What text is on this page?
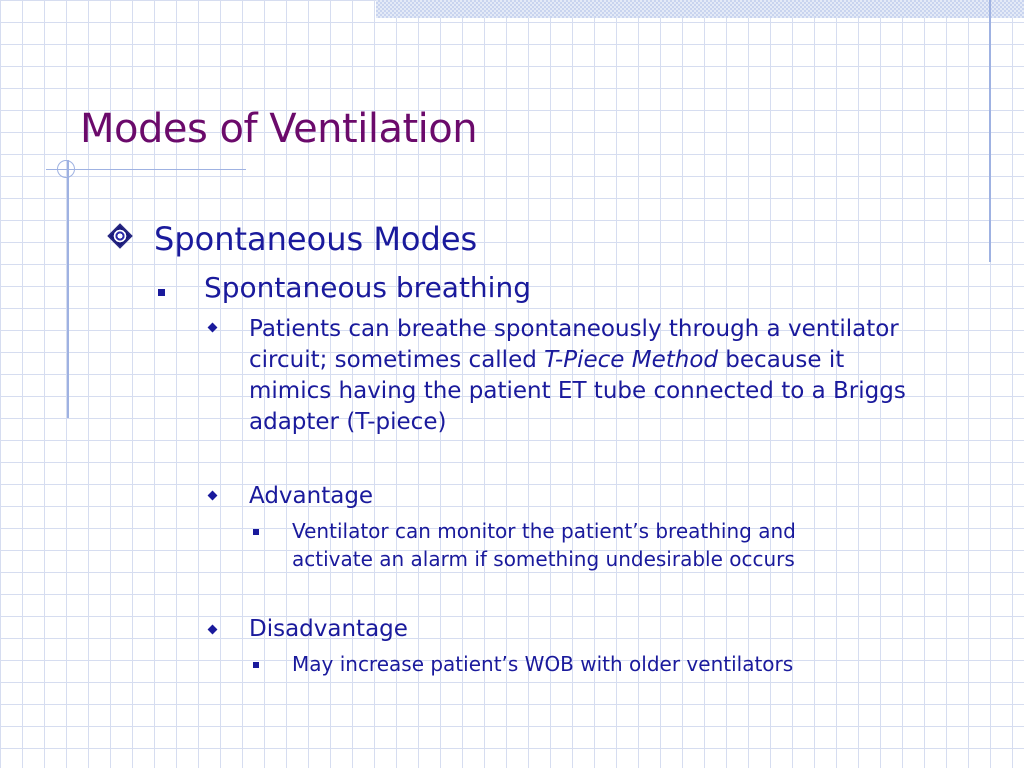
Modes of Ventilation
Spontaneous Modes
Spontaneous breathing
Patients can breathe spontaneously through a ventilator circuit; sometimes called T-Piece Method because it mimics having the patient ET tube connected to a Briggs adapter (T-piece)
Advantage
Ventilator can monitor the patient’s breathing and activate an alarm if something undesirable occurs
Disadvantage
May increase patient’s WOB with older ventilators
